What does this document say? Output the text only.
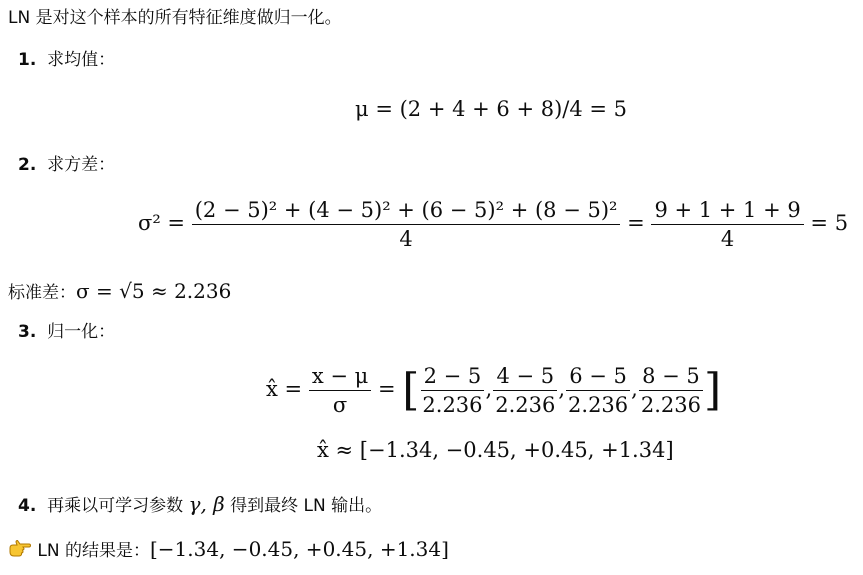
LN 是对这个样本的所有特征维度做归一化。
1. 求均值：
μ = (2 + 4 + 6 + 8)/4 = 5
2. 求方差：
$\sigma^2 = \frac{\text{(2 − 5)² + (4 − 5)² + (6 − 5)² + (8 − 5)²}}{4} = \frac{9 + 1 + 1 + 9}{4} = 5$
标准差：σ = √5 ≈ 2.236
3. 归一化：
x̂ = $\frac{x - \mu}{\sigma}$ = [ $\frac{2 - 5}{2.236}$ , $\frac{4 - 5}{2.236}$ , $\frac{6 - 5}{2.236}$ , $\frac{8 - 5}{2.236}$ ]
x̂ ≈ [−1.34, −0.45, +0.45, +1.34]
4. 再乘以可学习参数 γ, β 得到最终 LN 输出。
LN 的结果是：[−1.34, −0.45, +0.45, +1.34]
